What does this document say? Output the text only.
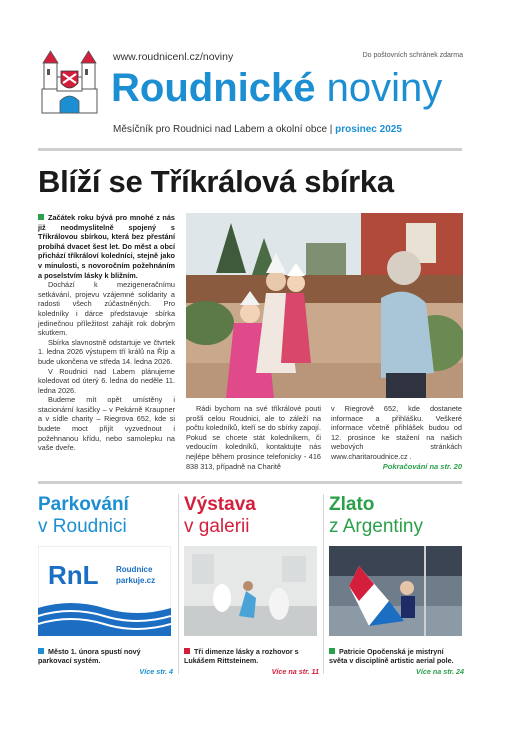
www.roudnicenl.cz/noviny	Do poštovních schránek zdarma
Roudnické noviny
Měsíčník pro Roudnici nad Labem a okolní obce | prosinec 2025
Blíží se Tříkrálová sbírka

Začátek roku bývá pro mnohé z nás již neodmyslitelně spojený s Tříkrálovou sbírkou, která bez přestání probíhá dvacet šest let. Do měst a obcí přichází tříkráloví koledníci, stejně jako v minulosti, s novoročním požehnáním a poselstvím lásky k bližním.

Dochází k mezigeneračnímu setkávání, projevu vzájemné solidarity a radosti všech zúčastněných. Pro koledníky i dárce představuje sbírka jedinečnou příležitost zahájit rok dobrým skutkem.

Sbírka slavnostně odstartuje ve čtvrtek 1. ledna 2026 výstupem tří králů na Říp a bude ukončena ve středa 14. ledna 2026.

V Roudnici nad Labem plánujeme koledovat od úterý 6. ledna do neděle 11. ledna 2026.

Budeme mít opět umístěny i stacionární kasičky – v Pekárně Kraupner a v sídle charity – Riegrova 652, kde si budete moct přijít vyzvednout i požehnanou křídu, nebo samolepku na vaše dveře.

Rádi bychom na své tříkrálové pouti prošli celou Roudnici, ale to záleží na počtu koledníků, kteří se do sbírky zapojí. Pokud se chcete stát koledníkem, či vedoucím koledníků, kontaktujte nás nejlépe během prosince telefonicky - 416 838 313, případně na Charitě

v Riegrově 652, kde dostanete informace a přihlášku. Veškeré informace včetně přihlášek budou od 12. prosince ke stažení na našich webových stránkách www.charitaroudnice.cz .

Pokračování na str. 20
Parkování
v Roudnici
RnL Roudnice
parkuje.cz
Město 1. února spustí nový parkovací systém.
Více str. 4
Výstava
v galerii
Tři dimenze lásky a rozhovor s Lukášem Rittsteinem.
Více na str. 11
Zlato
z Argentiny
Patricie Opočenská je mistryní světa v disciplíně artistic aerial pole.
Více na str. 24
